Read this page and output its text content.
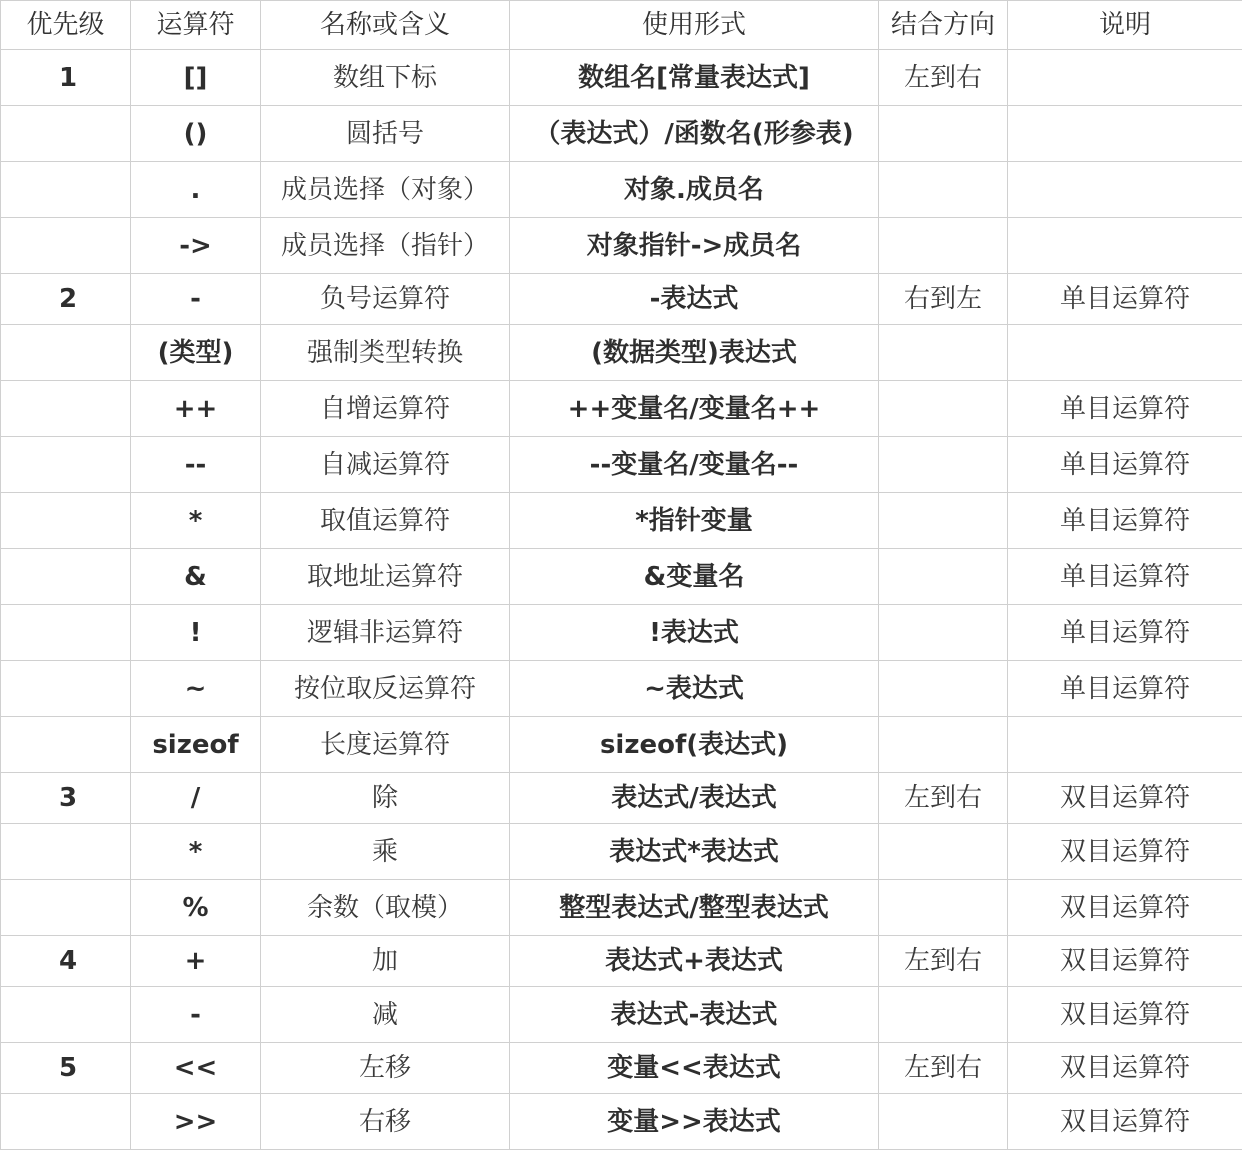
优先级	运算符	名称或含义	使用形式	结合方向	说明
1	[]	数组下标	数组名[常量表达式]	左到右	
	()	圆括号	（表达式）/函数名(形参表)		
	.	成员选择（对象）	对象.成员名		
	->	成员选择（指针）	对象指针->成员名		
2	-	负号运算符	-表达式	右到左	单目运算符
	(类型)	强制类型转换	(数据类型)表达式		
	++	自增运算符	++变量名/变量名++		单目运算符
	--	自减运算符	--变量名/变量名--		单目运算符
	*	取值运算符	*指针变量		单目运算符
	&	取地址运算符	&变量名		单目运算符
	!	逻辑非运算符	!表达式		单目运算符
	~	按位取反运算符	~表达式		单目运算符
	sizeof	长度运算符	sizeof(表达式)		
3	/	除	表达式/表达式	左到右	双目运算符
	*	乘	表达式*表达式		双目运算符
	%	余数（取模）	整型表达式/整型表达式		双目运算符
4	+	加	表达式+表达式	左到右	双目运算符
	-	减	表达式-表达式		双目运算符
5	<<	左移	变量<<表达式	左到右	双目运算符
	>>	右移	变量>>表达式		双目运算符
